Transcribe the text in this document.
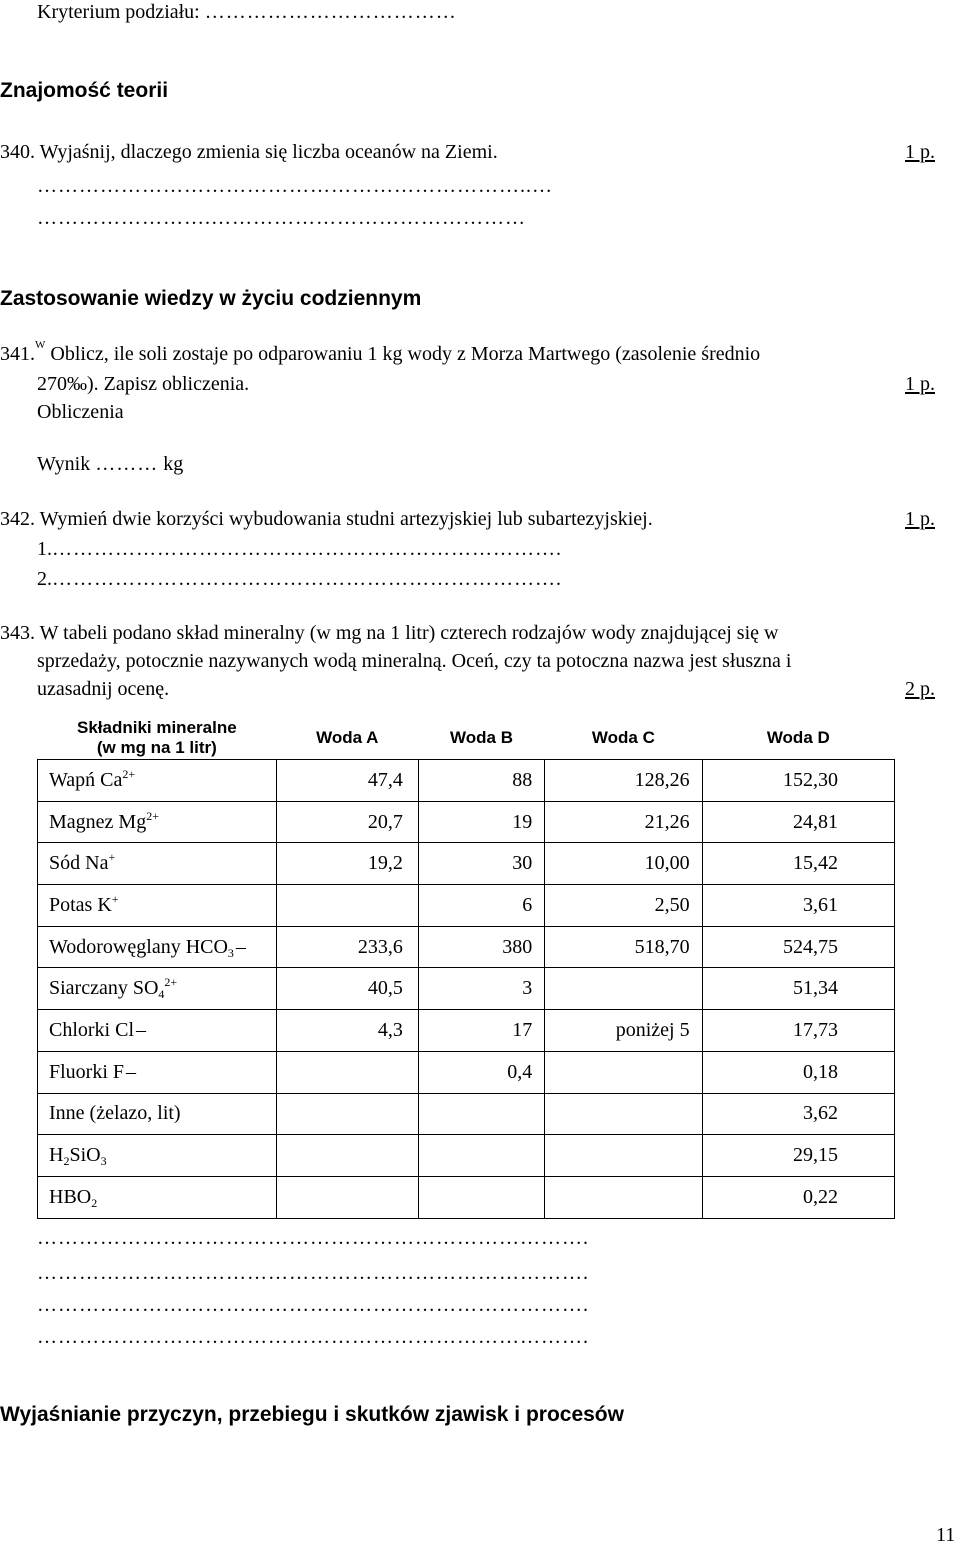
Kryterium podziału: ………………………………
Znajomość teorii
340. Wyjaśnij, dlaczego zmienia się liczba oceanów na Ziemi.	1 p.
……………………………………………………………..…
…………………….………………………………………
Zastosowanie wiedzy w życiu codziennym
341.$^W$ Oblicz, ile soli zostaje po odparowaniu 1 kg wody z Morza Martwego (zasolenie średnio
270‰). Zapisz obliczenia.	1 p.
Obliczenia
Wynik ……… kg
342. Wymień dwie korzyści wybudowania studni artezyjskiej lub subartezyjskiej.	1 p.
1.……………………………………………………………….
2.……………………………………………………………….
343. W tabeli podano skład mineralny (w mg na 1 litr) czterech rodzajów wody znajdującej się w
sprzedaży, potocznie nazywanych wodą mineralną. Oceń, czy ta potoczna nazwa jest słuszna i
uzasadnij ocenę.	2 p.
Składniki mineralne
(w mg na 1 litr)	Woda A	Woda B	Woda C	Woda D
Wapń $Ca^{2+}$	47,4	88	128,26	152,30
Magnez $Mg^{2+}$	20,7	19	21,26	24,81
Sód Na+	19,2	30	10,00	15,42
Potas K+		6	2,50	3,61
Wodorowęglany $HCO_3$ –	233,6	380	518,70	524,75
Siarczany $SO_4^{2+}$	40,5	3		51,34
Chlorki Cl –	4,3	17	poniżej 5	17,73
Fluorki F –		0,4		0,18
Inne (żelazo, lit)				3,62
$H_2SiO_3$				29,15
$HBO_2$				0,22
…………………………………………………………………….
…………………………………………………………………….
…………………………………………………………………….
…………………………………………………………………….
Wyjaśnianie przyczyn, przebiegu i skutków zjawisk i procesów
11
